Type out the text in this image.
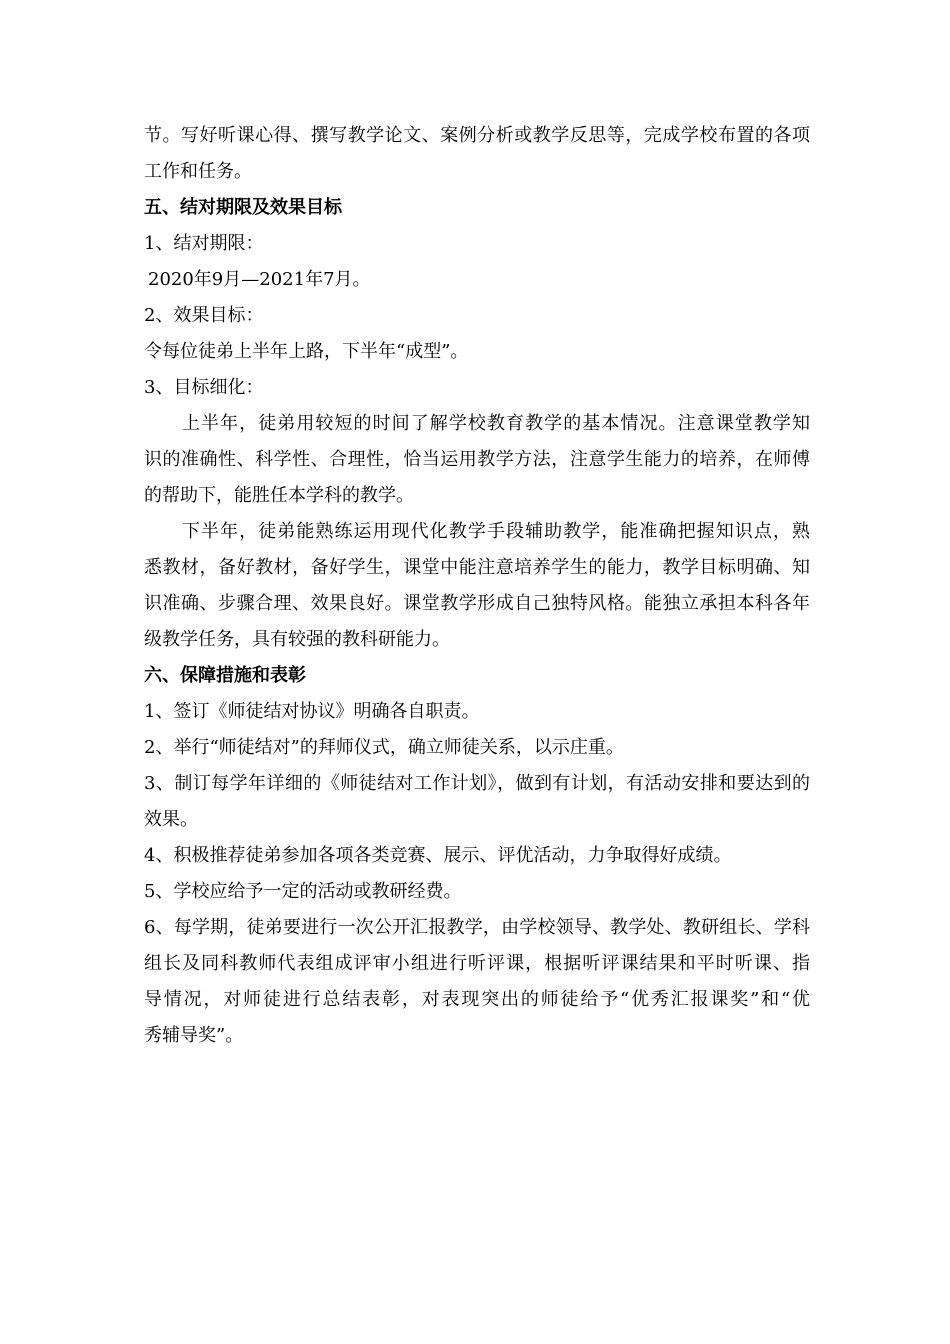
节。写好听课心得、撰写教学论文、案例分析或教学反思等，完成学校布置的各项
工作和任务。
五、结对期限及效果目标
1、结对期限：
2020年9月—2021年7月。
2、效果目标：
令每位徒弟上半年上路，下半年“成型”。
3、目标细化：
上半年，徒弟用较短的时间了解学校教育教学的基本情况。注意课堂教学知
识的准确性、科学性、合理性，恰当运用教学方法，注意学生能力的培养，在师傅
的帮助下，能胜任本学科的教学。
下半年，徒弟能熟练运用现代化教学手段辅助教学，能准确把握知识点，熟
悉教材，备好教材，备好学生，课堂中能注意培养学生的能力，教学目标明确、知
识准确、步骤合理、效果良好。课堂教学形成自己独特风格。能独立承担本科各年
级教学任务，具有较强的教科研能力。
六、保障措施和表彰
1、签订《师徒结对协议》明确各自职责。
2、举行“师徒结对”的拜师仪式，确立师徒关系，以示庄重。
3、制订每学年详细的《师徒结对工作计划》，做到有计划，有活动安排和要达到的
效果。
4、积极推荐徒弟参加各项各类竞赛、展示、评优活动，力争取得好成绩。
5、学校应给予一定的活动或教研经费。
6、每学期，徒弟要进行一次公开汇报教学，由学校领导、教学处、教研组长、学科
组长及同科教师代表组成评审小组进行听评课，根据听评课结果和平时听课、指
导情况，对师徒进行总结表彰，对表现突出的师徒给予“优秀汇报课奖”和“优
秀辅导奖”。
